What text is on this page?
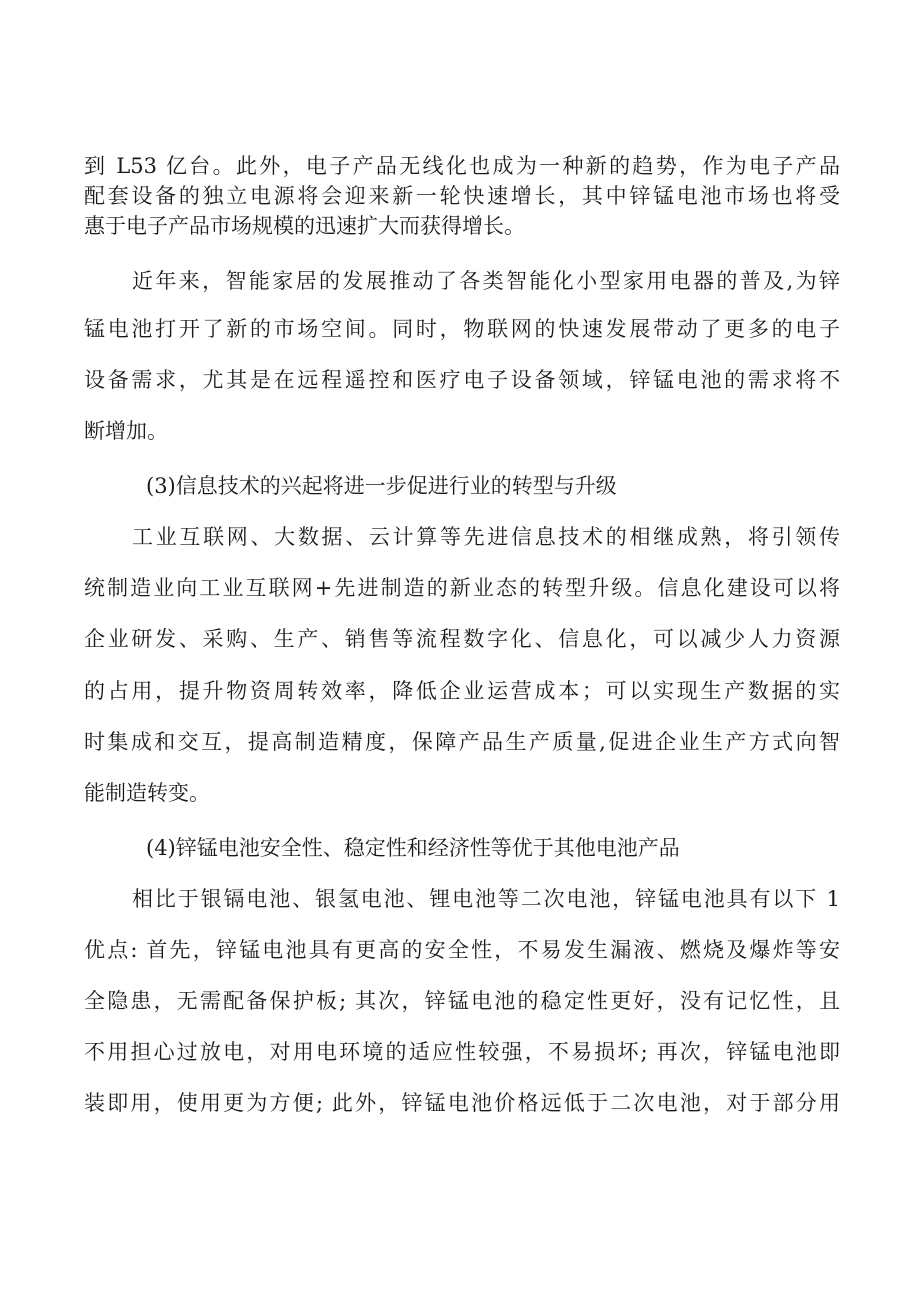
到 L53 亿台。此外，电子产品无线化也成为一种新的趋势，作为电子产品
配套设备的独立电源将会迎来新一轮快速增长，其中锌锰电池市场也将受
惠于电子产品市场规模的迅速扩大而获得增长。
近年来，智能家居的发展推动了各类智能化小型家用电器的普及,为锌
锰电池打开了新的市场空间。同时，物联网的快速发展带动了更多的电子
设备需求，尤其是在远程遥控和医疗电子设备领域，锌锰电池的需求将不
断增加。
(3)信息技术的兴起将进一步促进行业的转型与升级
工业互联网、大数据、云计算等先进信息技术的相继成熟，将引领传
统制造业向工业互联网+先进制造的新业态的转型升级。信息化建设可以将
企业研发、采购、生产、销售等流程数字化、信息化，可以减少人力资源
的占用，提升物资周转效率，降低企业运营成本；可以实现生产数据的实
时集成和交互，提高制造精度，保障产品生产质量,促进企业生产方式向智
能制造转变。
(4)锌锰电池安全性、稳定性和经济性等优于其他电池产品
相比于银镉电池、银氢电池、锂电池等二次电池，锌锰电池具有以下 1
优点: 首先，锌锰电池具有更高的安全性，不易发生漏液、燃烧及爆炸等安
全隐患，无需配备保护板; 其次，锌锰电池的稳定性更好，没有记忆性，且
不用担心过放电，对用电环境的适应性较强，不易损坏; 再次，锌锰电池即
装即用，使用更为方便; 此外，锌锰电池价格远低于二次电池，对于部分用
